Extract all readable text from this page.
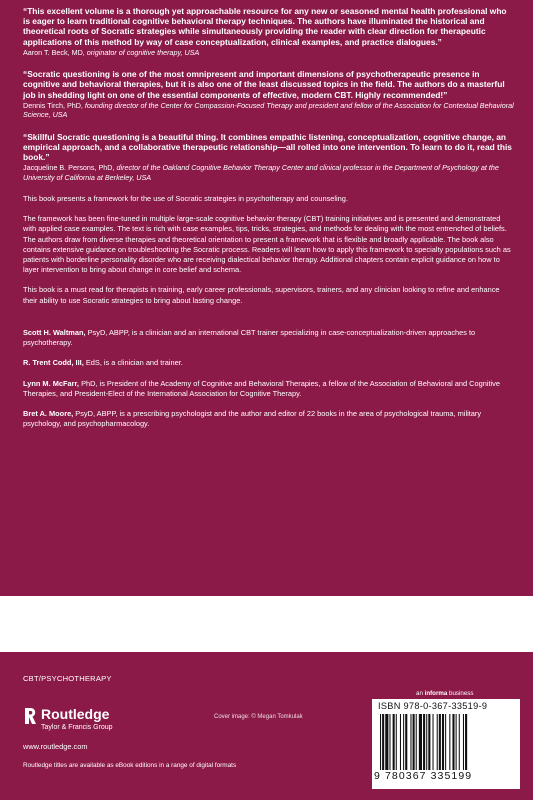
“This excellent volume is a thorough yet approachable resource for any new or seasoned mental health professional who is eager to learn traditional cognitive behavioral therapy techniques. The authors have illuminated the historical and theoretical roots of Socratic strategies while simultaneously providing the reader with clear direction for therapeutic applications of this method by way of case conceptualization, clinical examples, and practice dialogues.”
Aaron T. Beck, MD, originator of cognitive therapy, USA
“Socratic questioning is one of the most omnipresent and important dimensions of psychotherapeutic presence in cognitive and behavioral therapies, but it is also one of the least discussed topics in the field. The authors do a masterful job in shedding light on one of the essential components of effective, modern CBT. Highly recommended!”
Dennis Tirch, PhD, founding director of the Center for Compassion-Focused Therapy and president and fellow of the Association for Contextual Behavioral Science, USA
“Skillful Socratic questioning is a beautiful thing. It combines empathic listening, conceptualization, cognitive change, an empirical approach, and a collaborative therapeutic relationship—all rolled into one intervention. To learn to do it, read this book.”
Jacqueline B. Persons, PhD, director of the Oakland Cognitive Behavior Therapy Center and clinical professor in the Department of Psychology at the University of California at Berkeley, USA

This book presents a framework for the use of Socratic strategies in psychotherapy and counseling.

The framework has been fine-tuned in multiple large-scale cognitive behavior therapy (CBT) training initiatives and is presented and demonstrated with applied case examples. The text is rich with case examples, tips, tricks, strategies, and methods for dealing with the most entrenched of beliefs. The authors draw from diverse therapies and theoretical orientation to present a framework that is flexible and broadly applicable. The book also contains extensive guidance on troubleshooting the Socratic process. Readers will learn how to apply this framework to specialty populations such as patients with borderline personality disorder who are receiving dialectical behavior therapy. Additional chapters contain explicit guidance on how to layer intervention to bring about change in core belief and schema.

This book is a must read for therapists in training, early career professionals, supervisors, trainers, and any clinician looking to refine and enhance their ability to use Socratic strategies to bring about lasting change.

Scott H. Waltman, PsyD, ABPP, is a clinician and an international CBT trainer specializing in case-conceptualization-driven approaches to psychotherapy.

R. Trent Codd, III, EdS, is a clinician and trainer.

Lynn M. McFarr, PhD, is President of the Academy of Cognitive and Behavioral Therapies, a fellow of the Association of Behavioral and Cognitive Therapies, and President-Elect of the International Association for Cognitive Therapy.

Bret A. Moore, PsyD, ABPP, is a prescribing psychologist and the author and editor of 22 books in the area of psychological trauma, military psychology, and psychopharmacology.

CBT/PSYCHOTHERAPY
Routledge
Taylor & Francis Group
www.routledge.com
Cover image: © Megan Tomkulak
Routledge titles are available as eBook editions in a range of digital formats
an informa business
ISBN 978-0-367-33519-9
9 780367 335199
